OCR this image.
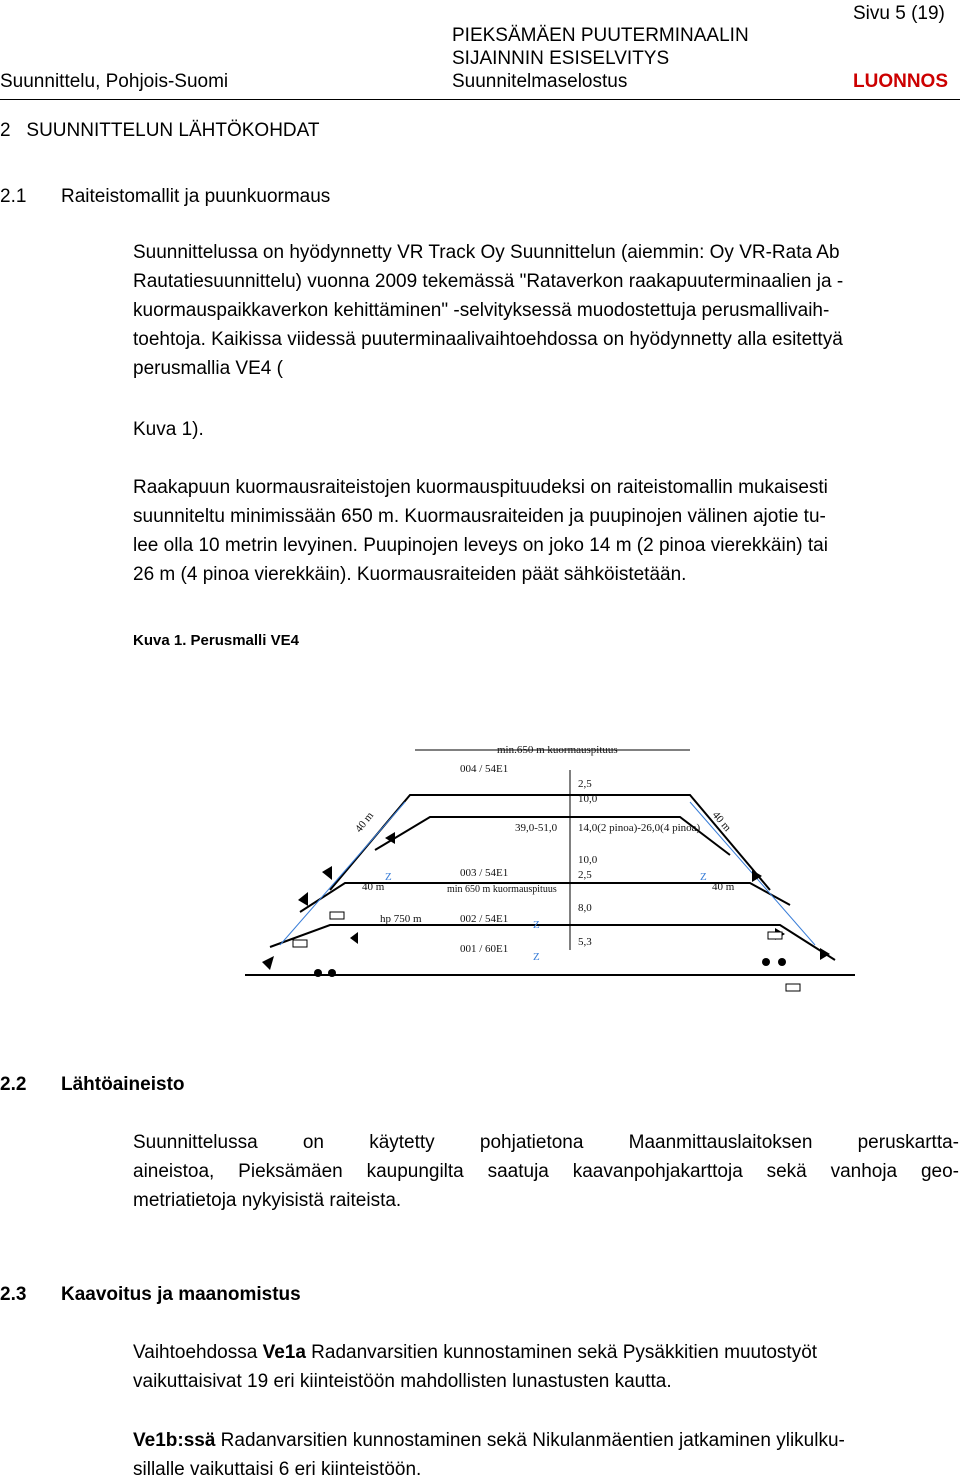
Sivu 5 (19)
PIEKSÄMÄEN PUUTERMINAALIN
SIJAINNIN ESISELVITYS
Suunnittelu, Pohjois-Suomi	Suunnitelmaselostus	LUONNOS
2   SUUNNITTELUN LÄHTÖKOHDAT
2.1 Raiteistomallit ja puunkuormaus
Suunnittelussa on hyödynnetty VR Track Oy Suunnittelun (aiemmin: Oy VR-Rata Ab
Rautatiesuunnittelu) vuonna 2009 tekemässä "Rataverkon raakapuuterminaalien ja -
kuormauspaikkaverkon kehittäminen" -selvityksessä muodostettuja perusmallivaih-
toehtoja. Kaikissa viidessä puuterminaalivaihtoehdossa on hyödynnetty alla esitettyä
perusmallia VE4 (
Kuva 1).
Raakapuun kuormausraiteistojen kuormauspituudeksi on raiteistomallin mukaisesti
suunniteltu minimissään 650 m. Kuormausraiteiden ja puupinojen välinen ajotie tu-
lee olla 10 metrin levyinen. Puupinojen leveys on joko 14 m (2 pinoa vierekkäin) tai
26 m (4 pinoa vierekkäin). Kuormausraiteiden päät sähköistetään.
Kuva 1. Perusmalli VE4
min.650 m kuormauspituus
004 / 54E1
2,5
10,0
39,0-51,0 14,0(2 pinoa)-26,0(4 pinoa)
10,0
2,5
003 / 54E1
min 650 m kuormauspituus
8,0
hp 750 m	002 / 54E1
5,3
001 / 60E1
40 m	40 m
40 m	40 m
Z
Z
Z
Z
2.2 Lähtöaineisto
Suunnittelussa on käytetty pohjatietona Maanmittauslaitoksen peruskartta-
aineistoa, Pieksämäen kaupungilta saatuja kaavanpohjakarttoja sekä vanhoja geo-
metriatietoja nykyisistä raiteista.
2.3 Kaavoitus ja maanomistus
Vaihtoehdossa Ve1a Radanvarsitien kunnostaminen sekä Pysäkkitien muutostyöt
vaikuttaisivat 19 eri kiinteistöön mahdollisten lunastusten kautta.
Ve1b:ssä Radanvarsitien kunnostaminen sekä Nikulanmäentien jatkaminen ylikulku-
sillalle vaikuttaisi 6 eri kiinteistöön.
